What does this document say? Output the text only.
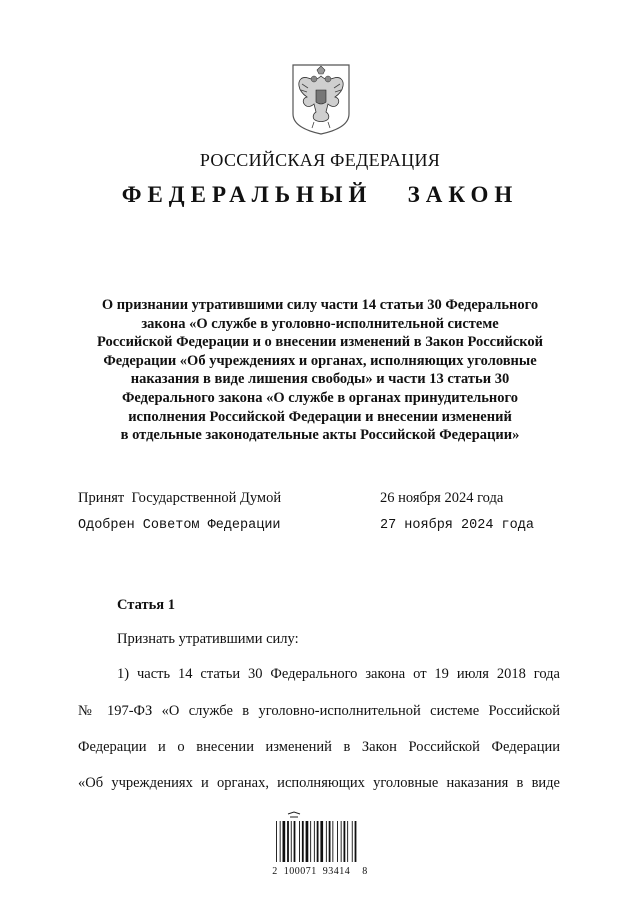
РОССИЙСКАЯ ФЕДЕРАЦИЯ
ФЕДЕРАЛЬНЫЙ   ЗАКОН
О признании утратившими силу части 14 статьи 30 Федерального
закона «О службе в уголовно-исполнительной системе
Российской Федерации и о внесении изменений в Закон Российской
Федерации «Об учреждениях и органах, исполняющих уголовные
наказания в виде лишения свободы» и части 13 статьи 30
Федерального закона «О службе в органах принудительного
исполнения Российской Федерации и внесении изменений
в отдельные законодательные акты Российской Федерации»
Принят  Государственной Думой	26 ноября 2024 года
Одобрен Советом Федерации	27 ноября 2024 года
Статья 1
Признать утратившими силу:
1) часть 14 статьи 30 Федерального закона от 19 июля 2018 года
№ 197-ФЗ «О службе в уголовно-исполнительной системе Российской
Федерации и о внесении изменений в Закон Российской Федерации
«Об учреждениях и органах, исполняющих уголовные наказания в виде
2 100071 93414  8
